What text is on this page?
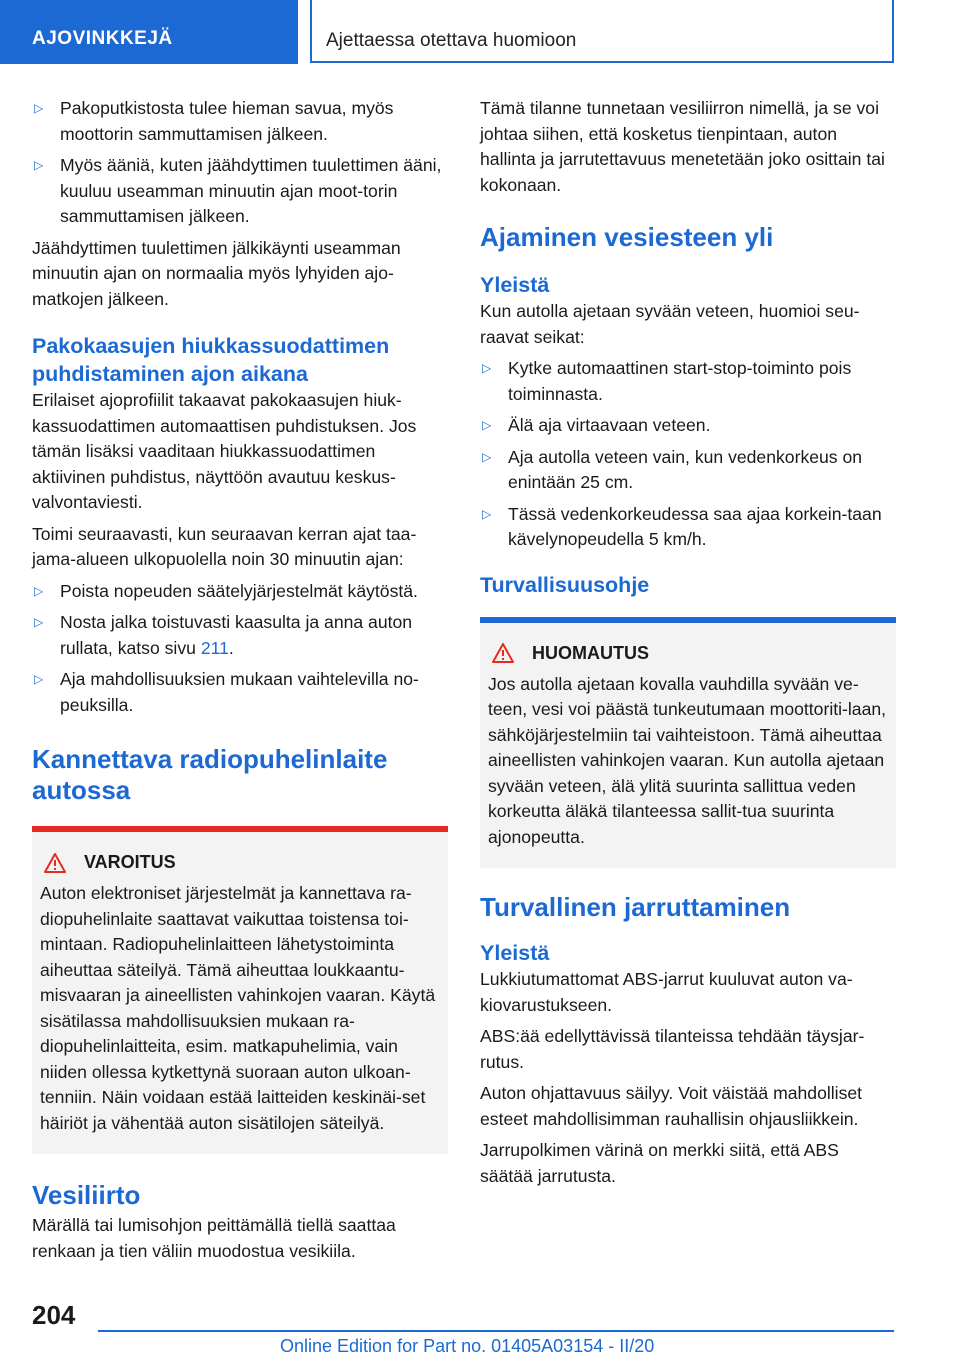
AJOVINKKEJÄ	Ajettaessa otettava huomioon
▷ Pakoputkistosta tulee hieman savua, myös moottorin sammuttamisen jälkeen.
▷ Myös ääniä, kuten jäähdyttimen tuulettimen ääni, kuuluu useamman minuutin ajan moot‐torin sammuttamisen jälkeen.

Jäähdyttimen tuulettimen jälkikäynti useamman minuutin ajan on normaalia myös lyhyiden ajo‐matkojen jälkeen.

Pakokaasujen hiukkassuodattimen puhdistaminen ajon aikana

Erilaiset ajoprofiilit takaavat pakokaasujen hiuk‐kassuodattimen automaattisen puhdistuksen. Jos tämän lisäksi vaaditaan hiukkassuodattimen aktiivinen puhdistus, näyttöön avautuu keskus‐valvontaviesti.

Toimi seuraavasti, kun seuraavan kerran ajat taa‐jama-alueen ulkopuolella noin 30 minuutin ajan:

▷ Poista nopeuden säätelyjärjestelmät käytöstä.
▷ Nosta jalka toistuvasti kaasulta ja anna auton rullata, katso sivu 211.
▷ Aja mahdollisuuksien mukaan vaihtelevilla no‐peuksilla.
Kannettava radiopuhelinlaite autossa
VAROITUS

Auton elektroniset järjestelmät ja kannettava ra‐diopuhelinlaite saattavat vaikuttaa toistensa toi‐mintaan. Radiopuhelinlaitteen lähetystoiminta aiheuttaa säteilyä. Tämä aiheuttaa loukkaantu‐misvaaran ja aineellisten vahinkojen vaaran. Käytä sisätilassa mahdollisuuksien mukaan ra‐diopuhelinlaitteita, esim. matkapuhelimia, vain niiden ollessa kytkettynä suoraan auton ulkoan‐tenniin. Näin voidaan estää laitteiden keskinäi‐set häiriöt ja vähentää auton sisätilojen säteilyä.

Vesiliirto

Märällä tai lumisohjon peittämällä tiellä saattaa renkaan ja tien väliin muodostua vesikiila.

Tämä tilanne tunnetaan vesiliirron nimellä, ja se voi johtaa siihen, että kosketus tienpintaan, auton hallinta ja jarrutettavuus menetetään joko osittain tai kokonaan.

Ajaminen vesiesteen yli
Yleistä

Kun autolla ajetaan syvään veteen, huomioi seu‐raavat seikat:

▷ Kytke automaattinen start-stop-toiminto pois toiminnasta.
▷ Älä aja virtaavaan veteen.
▷ Aja autolla veteen vain, kun vedenkorkeus on enintään 25 cm.
▷ Tässä vedenkorkeudessa saa ajaa korkein‐taan kävelynopeudella 5 km/h.
Turvallisuusohje
HUOMAUTUS

Jos autolla ajetaan kovalla vauhdilla syvään ve‐teen, vesi voi päästä tunkeutumaan moottoriti‐laan, sähköjärjestelmiin tai vaihteistoon. Tämä aiheuttaa aineellisten vahinkojen vaaran. Kun autolla ajetaan syvään veteen, älä ylitä suurinta sallittua veden korkeutta äläkä tilanteessa sallit‐tua suurinta ajonopeutta.

Turvallinen jarruttaminen
Yleistä

Lukkiutumattomat ABS-jarrut kuuluvat auton va‐kiovarustukseen.

ABS:ää edellyttävissä tilanteissa tehdään täysjar‐rutus.

Auton ohjattavuus säilyy. Voit väistää mahdolliset esteet mahdollisimman rauhallisin ohjausliikkein.

Jarrupolkimen värinä on merkki siitä, että ABS säätää jarrutusta.

204
Online Edition for Part no. 01405A03154 - II/20
